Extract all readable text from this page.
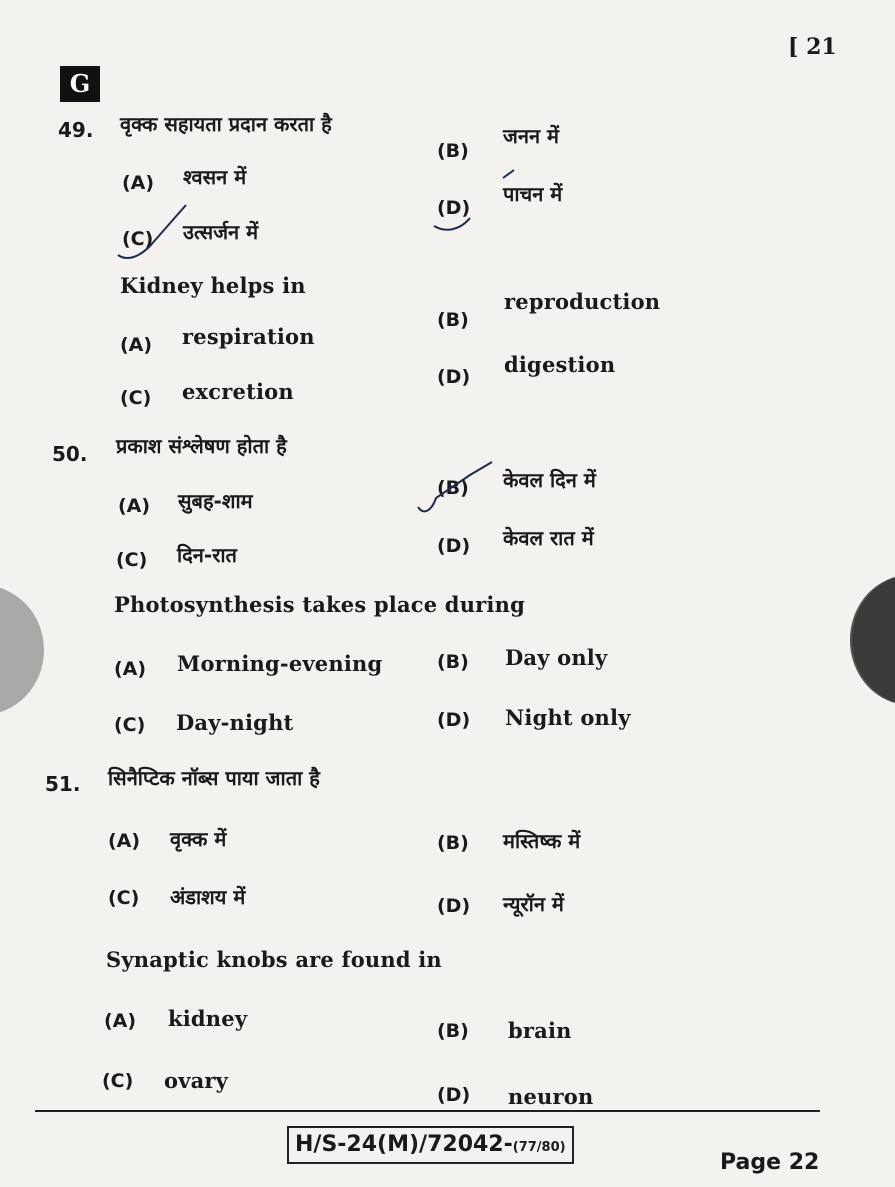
[ 21
G
49. वृक्क सहायता प्रदान करता है
(A) श्वसन में
(B)
जनन में
(C) उत्सर्जन में
(D)
पाचन में
Kidney helps in
(A) respiration
(B)
reproduction
(C) excretion
(D) digestion
50. प्रकाश संश्लेषण होता है
(A) सुबह-शाम
(B) केवल दिन में
(C) दिन-रात	(D) केवल रात में
Photosynthesis takes place during
(A) Morning-evening	(B) Day only
(C) Day-night	(D) Night only
51. सिनैप्टिक नॉब्स पाया जाता है
(A) वृक्क में	(B) मस्तिष्क में
(C) अंडाशय में	(D) न्यूरॉन में
Synaptic knobs are found in
(A) kidney	(B) brain
(C) ovary
(D) neuron
H/S-24(M)/72042-(77/80)
Page 22
